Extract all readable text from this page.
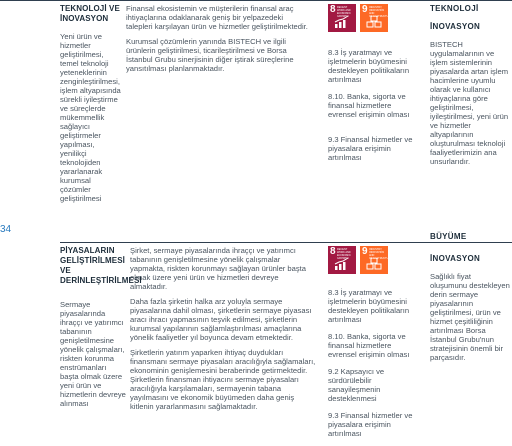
34
TEKNOLOJİ VE İNOVASYON
Yeni ürün ve hizmetler geliştirilmesi, temel teknoloji yeteneklerinin zenginleştirilmesi, işlem altyapısında sürekli iyileştirme ve süreçlerde mükemmellik sağlayıcı geliştirmeler yapılması, yenilikçi teknolojiden yararlanarak kurumsal çözümler geliştirilmesi

Finansal ekosistemin ve müşterilerin finansal araç ihtiyaçlarına odaklanarak geniş bir yelpazedeki talepleri karşılayan ürün ve hizmetler geliştirilmektedir.

Kurumsal çözümlerin yanında BISTECH ve ilgili ürünlerin geliştirilmesi, ticarileştirilmesi ve Borsa İstanbul Grubu sinerjisinin diğer iştirak süreçlerine yansıtılması planlanmaktadır.

8 DECENT WORK AND ECONOMIC GROWTH
9 INDUSTRY, INNOVATION AND INFRASTRUCTURE

8.3 İş yaratmayı ve işletmelerin büyümesini destekleyen politikaların artırılması

8.10. Banka, sigorta ve finansal hizmetlere evrensel erişimin olması

9.3 Finansal hizmetler ve piyasalara erişimin artırılması

TEKNOLOJİ
İNOVASYON
BISTECH uygulamalarının ve işlem sistemlerinin piyasalarda artan işlem hacimlerine uyumlu olarak ve kullanıcı ihtiyaçlarına göre geliştirilmesi, iyileştirilmesi, yeni ürün ve hizmetler altyapılarının oluşturulması teknoloji faaliyetlerimizin ana unsurlarıdır.
PİYASALARIN GELİŞTİRİLMESİ VE DERİNLEŞTİRİLMESİ
Sermaye piyasalarında ihraççı ve yatırımcı tabanının genişletilmesine yönelik çalışmaları, riskten korunma enstrümanları başta olmak üzere yeni ürün ve hizmetlerin devreye alınması

Şirket, sermaye piyasalarında ihraççı ve yatırımcı tabanının genişletilmesine yönelik çalışmalar yapmakta, riskten korunmayı sağlayan ürünler başta olmak üzere yeni ürün ve hizmetleri devreye almaktadır.

Daha fazla şirketin halka arz yoluyla sermaye piyasalarına dahil olması, şirketlerin sermaye piyasası aracı ihracı yapmasının teşvik edilmesi, şirketlerin kurumsal yapılarının sağlamlaştırılması amaçlarına yönelik faaliyetler yıl boyunca devam etmektedir.

Şirketlerin yatırım yaparken ihtiyaç duydukları finansmanı sermaye piyasaları aracılığıyla sağlamaları, ekonominin genişlemesini beraberinde getirmektedir. Şirketlerin finansman ihtiyacını sermaye piyasaları aracılığıyla karşılamaları, sermayenin tabana yayılmasını ve ekonomik büyümeden daha geniş kitlenin yararlanmasını sağlamaktadır.

8 DECENT WORK AND ECONOMIC GROWTH
9 INDUSTRY, INNOVATION AND INFRASTRUCTURE

8.3 İş yaratmayı ve işletmelerin büyümesini destekleyen politikaların artırılması

8.10. Banka, sigorta ve finansal hizmetlere evrensel erişimin olması

9.2 Kapsayıcı ve sürdürülebilir sanayileşmenin desteklenmesi

9.3 Finansal hizmetler ve piyasalara erişimin artırılması

BÜYÜME
İNOVASYON
Sağlıklı fiyat oluşumunu destekleyen derin sermaye piyasalarının geliştirilmesi, ürün ve hizmet çeşitliliğinin artırılması Borsa İstanbul Grubu'nun stratejisinin önemli bir parçasıdır.
